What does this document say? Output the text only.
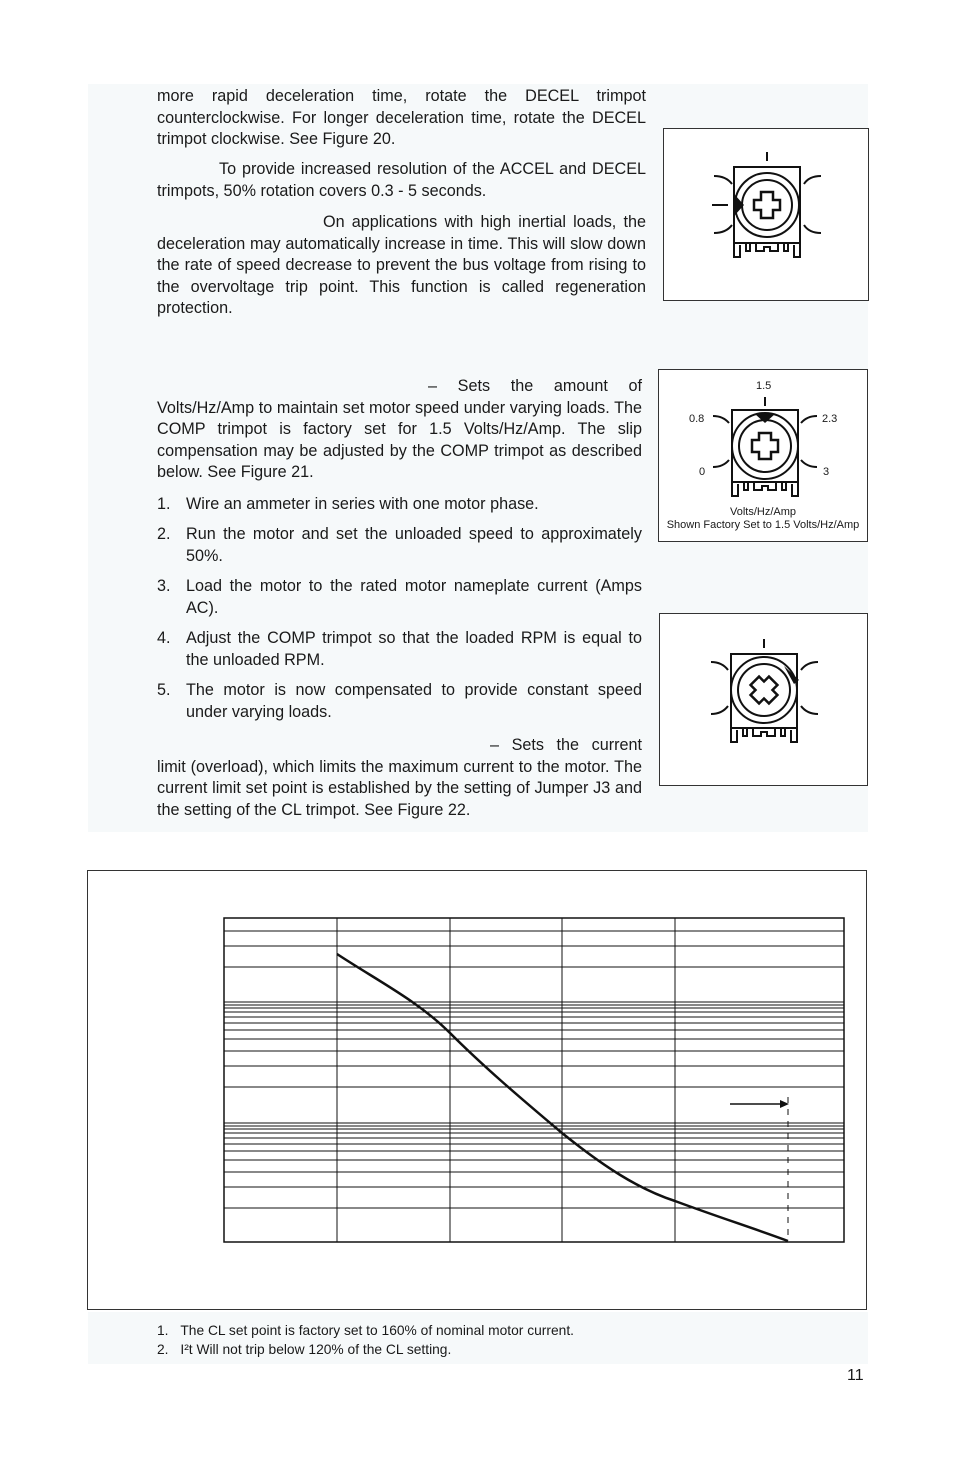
more rapid deceleration time, rotate the DECEL trimpot counterclockwise. For longer deceleration time, rotate the DECEL trimpot clockwise. See Figure 20.
To provide increased resolution of the ACCEL and DECEL trimpots, 50% rotation covers 0.3 - 5 seconds.
On applications with high inertial loads, the deceleration may automatically increase in time. This will slow down the rate of speed decrease to prevent the bus voltage from rising to the overvoltage trip point. This function is called regeneration protection.
– Sets the amount of Volts/Hz/Amp to maintain set motor speed under varying loads. The COMP trimpot is factory set for 1.5 Volts/Hz/Amp. The slip compensation may be adjusted by the COMP trimpot as described below. See Figure 21.
1. Wire an ammeter in series with one motor phase.
2. Run the motor and set the unloaded speed to approximately 50%.
3. Load the motor to the rated motor nameplate current (Amps AC).
4. Adjust the COMP trimpot so that the loaded RPM is equal to the unloaded RPM.
5. The motor is now compensated to provide constant speed under varying loads.
– Sets the current limit (overload), which limits the maximum current to the motor. The current limit set point is established by the setting of Jumper J3 and the setting of the CL trimpot. See Figure 22.
1.5
0.8	2.3
0	3
Volts/Hz/Amp
Shown Factory Set to 1.5 Volts/Hz/Amp
1. The CL set point is factory set to 160% of nominal motor current.
2. I²t Will not trip below 120% of the CL setting.
11
